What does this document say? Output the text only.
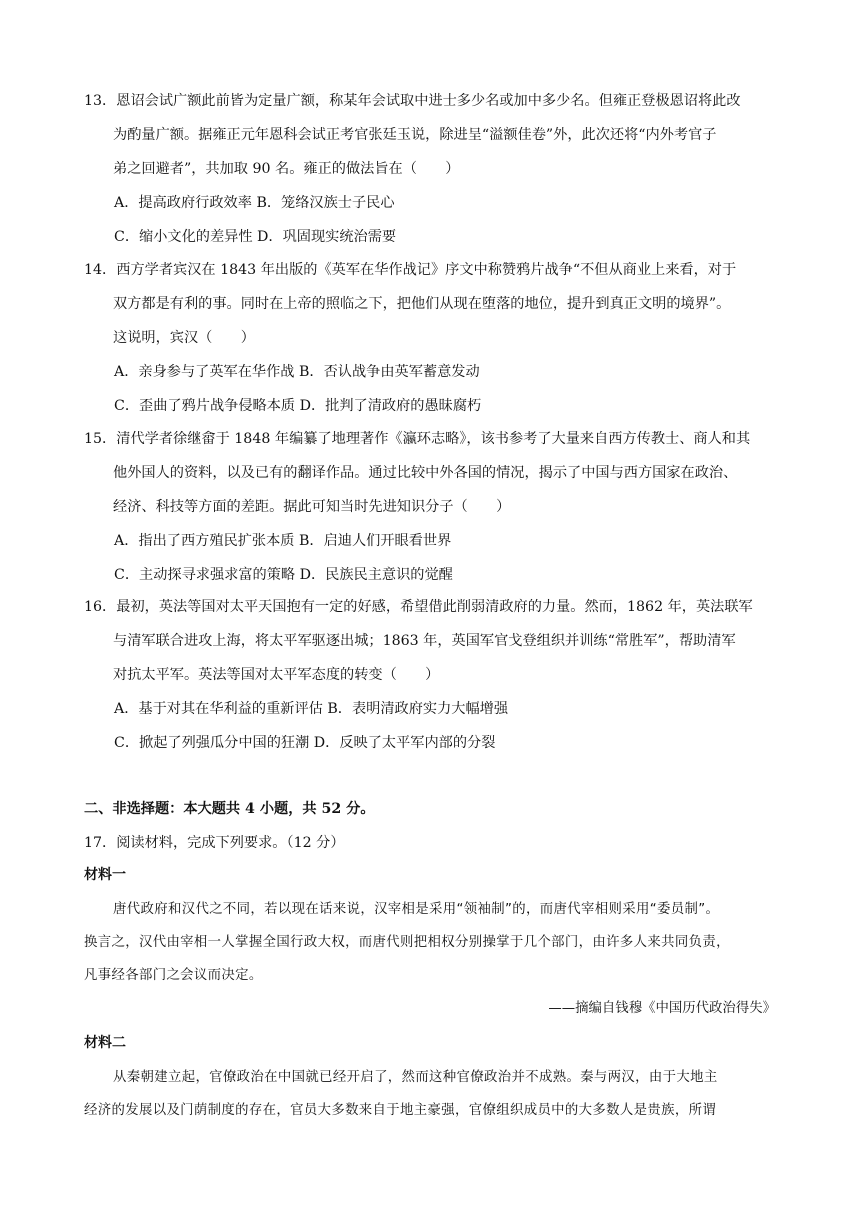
13．恩诏会试广额此前皆为定量广额，称某年会试取中进士多少名或加中多少名。但雍正登极恩诏将此改
为酌量广额。据雍正元年恩科会试正考官张廷玉说，除进呈“溢额佳卷”外，此次还将“内外考官子
弟之回避者”，共加取 90 名。雍正的做法旨在（　　）
A．提高政府行政效率 B．笼络汉族士子民心
C．缩小文化的差异性 D．巩固现实统治需要
14．西方学者宾汉在 1843 年出版的《英军在华作战记》序文中称赞鸦片战争“不但从商业上来看，对于
双方都是有利的事。同时在上帝的照临之下，把他们从现在堕落的地位，提升到真正文明的境界”。
这说明，宾汉（　　）
A．亲身参与了英军在华作战 B．否认战争由英军蓄意发动
C．歪曲了鸦片战争侵略本质 D．批判了清政府的愚昧腐朽
15．清代学者徐继畲于 1848 年编纂了地理著作《瀛环志略》，该书参考了大量来自西方传教士、商人和其
他外国人的资料，以及已有的翻译作品。通过比较中外各国的情况，揭示了中国与西方国家在政治、
经济、科技等方面的差距。据此可知当时先进知识分子（　　）
A．指出了西方殖民扩张本质 B．启迪人们开眼看世界
C．主动探寻求强求富的策略 D．民族民主意识的觉醒
16．最初，英法等国对太平天国抱有一定的好感，希望借此削弱清政府的力量。然而，1862 年，英法联军
与清军联合进攻上海，将太平军驱逐出城；1863 年，英国军官戈登组织并训练“常胜军”，帮助清军
对抗太平军。英法等国对太平军态度的转变（　　）
A．基于对其在华利益的重新评估 B．表明清政府实力大幅增强
C．掀起了列强瓜分中国的狂潮 D．反映了太平军内部的分裂
二、非选择题：本大题共 4 小题，共 52 分。
17．阅读材料，完成下列要求。（12 分）
材料一
唐代政府和汉代之不同，若以现在话来说，汉宰相是采用“领袖制”的，而唐代宰相则采用“委员制”。
换言之，汉代由宰相一人掌握全国行政大权，而唐代则把相权分别操掌于几个部门，由许多人来共同负责，
凡事经各部门之会议而决定。
——摘编自钱穆《中国历代政治得失》
材料二
从秦朝建立起，官僚政治在中国就已经开启了，然而这种官僚政治并不成熟。秦与两汉，由于大地主
经济的发展以及门荫制度的存在，官员大多数来自于地主豪强，官僚组织成员中的大多数人是贵族，所谓
